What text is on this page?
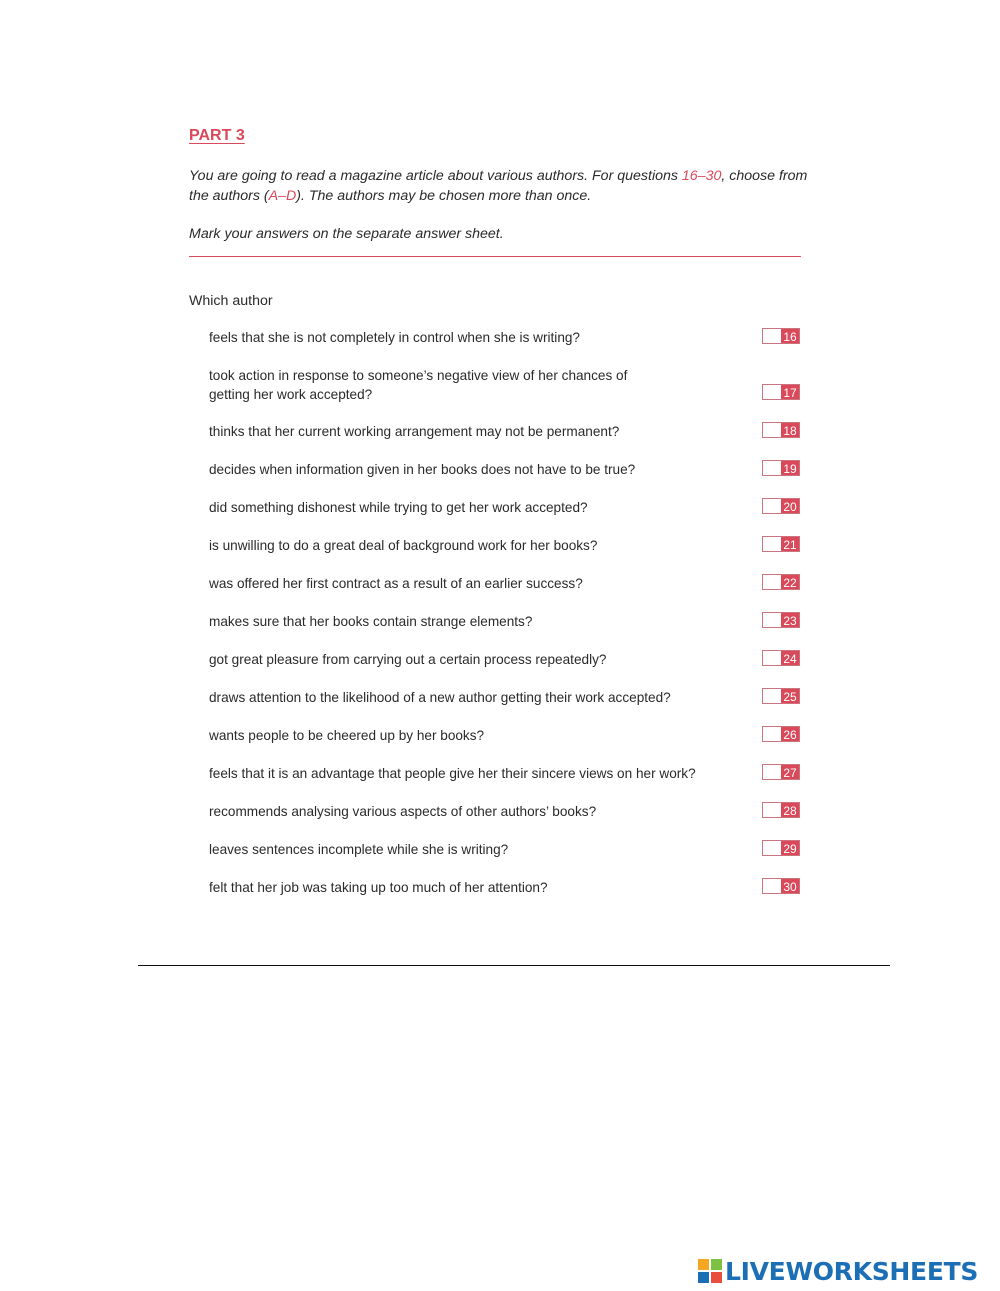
PART 3
You are going to read a magazine article about various authors. For questions 16–30, choose from the authors (A–D). The authors may be chosen more than once.
Mark your answers on the separate answer sheet.
Which author
feels that she is not completely in control when she is writing?	16
took action in response to someone’s negative view of her chances of getting her work accepted?	17
thinks that her current working arrangement may not be permanent?	18
decides when information given in her books does not have to be true?	19
did something dishonest while trying to get her work accepted?	20
is unwilling to do a great deal of background work for her books?	21
was offered her first contract as a result of an earlier success?	22
makes sure that her books contain strange elements?	23
got great pleasure from carrying out a certain process repeatedly?	24
draws attention to the likelihood of a new author getting their work accepted?	25
wants people to be cheered up by her books?	26
feels that it is an advantage that people give her their sincere views on her work?	27
recommends analysing various aspects of other authors’ books?	28
leaves sentences incomplete while she is writing?	29
felt that her job was taking up too much of her attention?	30
LIVEWORKSHEETS
